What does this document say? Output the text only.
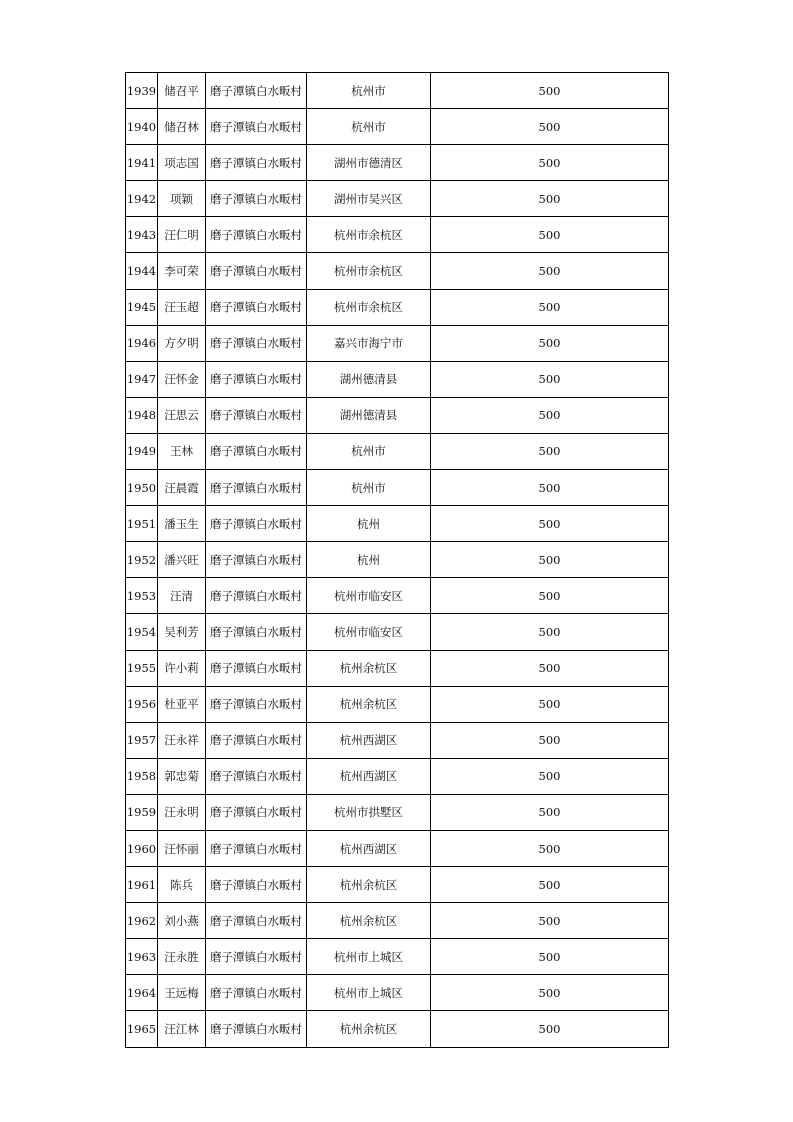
1939	储召平	磨子潭镇白水畈村	杭州市	500
1940	储召林	磨子潭镇白水畈村	杭州市	500
1941	项志国	磨子潭镇白水畈村	湖州市德清区	500
1942	项颖	磨子潭镇白水畈村	湖州市吴兴区	500
1943	汪仁明	磨子潭镇白水畈村	杭州市余杭区	500
1944	李可荣	磨子潭镇白水畈村	杭州市余杭区	500
1945	汪玉超	磨子潭镇白水畈村	杭州市余杭区	500
1946	方夕明	磨子潭镇白水畈村	嘉兴市海宁市	500
1947	汪怀金	磨子潭镇白水畈村	湖州德清县	500
1948	汪思云	磨子潭镇白水畈村	湖州德清县	500
1949	王林	磨子潭镇白水畈村	杭州市	500
1950	汪晨霞	磨子潭镇白水畈村	杭州市	500
1951	潘玉生	磨子潭镇白水畈村	杭州	500
1952	潘兴旺	磨子潭镇白水畈村	杭州	500
1953	汪清	磨子潭镇白水畈村	杭州市临安区	500
1954	吴利芳	磨子潭镇白水畈村	杭州市临安区	500
1955	许小莉	磨子潭镇白水畈村	杭州余杭区	500
1956	杜亚平	磨子潭镇白水畈村	杭州余杭区	500
1957	汪永祥	磨子潭镇白水畈村	杭州西湖区	500
1958	郭忠菊	磨子潭镇白水畈村	杭州西湖区	500
1959	汪永明	磨子潭镇白水畈村	杭州市拱墅区	500
1960	汪怀丽	磨子潭镇白水畈村	杭州西湖区	500
1961	陈兵	磨子潭镇白水畈村	杭州余杭区	500
1962	刘小燕	磨子潭镇白水畈村	杭州余杭区	500
1963	汪永胜	磨子潭镇白水畈村	杭州市上城区	500
1964	王远梅	磨子潭镇白水畈村	杭州市上城区	500
1965	汪江林	磨子潭镇白水畈村	杭州余杭区	500
